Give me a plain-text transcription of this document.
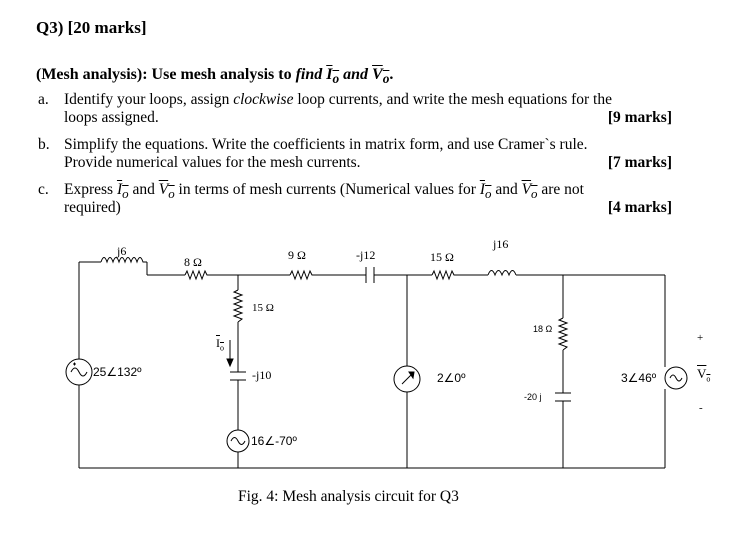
Q3) [20 marks]
(Mesh analysis): Use mesh analysis to find $I_o$ and $V_o$.
a. Identify your loops, assign clockwise loop currents, and write the mesh equations for the
loops assigned.	[9 marks]
b. Simplify the equations. Write the coefficients in matrix form, and use Cramer`s rule.
Provide numerical values for the mesh currents.	[7 marks]
c. Express $I_o$ and $V_o$ in terms of mesh currents (Numerical values for $I_o$ and $V_o$ are not
required)	[4 marks]
j6
8 Ω	9 Ω	-j12	15 Ω
j16
15 Ω
$I_o$
-j10
25∠132º
16∠-70º
2∠0º
18 Ω
-20 j
3∠46º
+
$V_o$
-
Fig. 4: Mesh analysis circuit for Q3
